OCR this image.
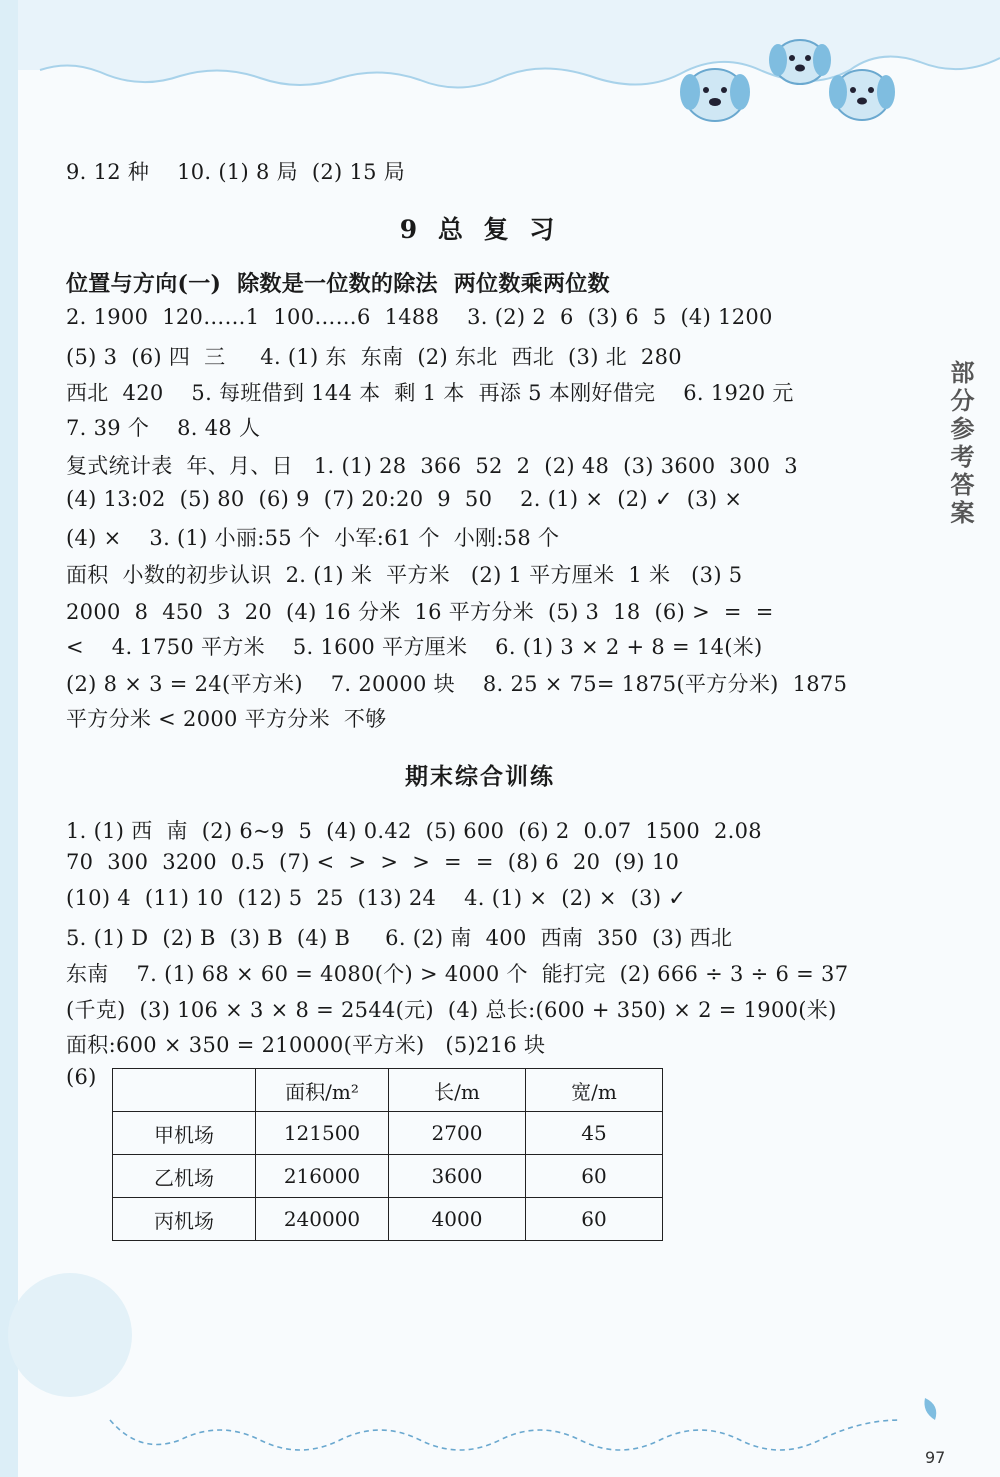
9. 12 种    10. (1) 8 局  (2) 15 局
9 总 复 习
位置与方向(一)  除数是一位数的除法  两位数乘两位数
2. 1900  120……1  100……6  1488    3. (2) 2  6  (3) 6  5  (4) 1200
(5) 3  (6) 四  三     4. (1) 东  东南  (2) 东北  西北  (3) 北  280
西北  420    5. 每班借到 144 本  剩 1 本  再添 5 本刚好借完    6. 1920 元
7. 39 个    8. 48 人
复式统计表  年、月、日   1. (1) 28  366  52  2  (2) 48  (3) 3600  300  3
(4) 13:02  (5) 80  (6) 9  (7) 20:20  9  50    2. (1) ×  (2) ✓  (3) ×
(4) ×    3. (1) 小丽:55 个  小军:61 个  小刚:58 个
面积  小数的初步认识  2. (1) 米  平方米   (2) 1 平方厘米  1 米   (3) 5
2000  8  450  3  20  (4) 16 分米  16 平方分米  (5) 3  18  (6) >  =  =
<    4. 1750 平方米    5. 1600 平方厘米    6. (1) 3 × 2 + 8 = 14(米)
(2) 8 × 3 = 24(平方米)    7. 20000 块    8. 25 × 75= 1875(平方分米)  1875
平方分米 < 2000 平方分米  不够
期末综合训练
1. (1) 西  南  (2) 6~9  5  (4) 0.42  (5) 600  (6) 2  0.07  1500  2.08
70  300  3200  0.5  (7) <  >  >  >  =  =  (8) 6  20  (9) 10
(10) 4  (11) 10  (12) 5  25  (13) 24    4. (1) ×  (2) ×  (3) ✓
5. (1) D  (2) B  (3) B  (4) B     6. (2) 南  400  西南  350  (3) 西北
东南    7. (1) 68 × 60 = 4080(个) > 4000 个  能打完  (2) 666 ÷ 3 ÷ 6 = 37
(千克)  (3) 106 × 3 × 8 = 2544(元)  (4) 总长:(600 + 350) × 2 = 1900(米)
面积:600 × 350 = 210000(平方米)   (5)216 块
(6)
	面积/m²	长/m	宽/m
甲机场	121500	2700	45
乙机场	216000	3600	60
丙机场	240000	4000	60
部分参考答案
97
